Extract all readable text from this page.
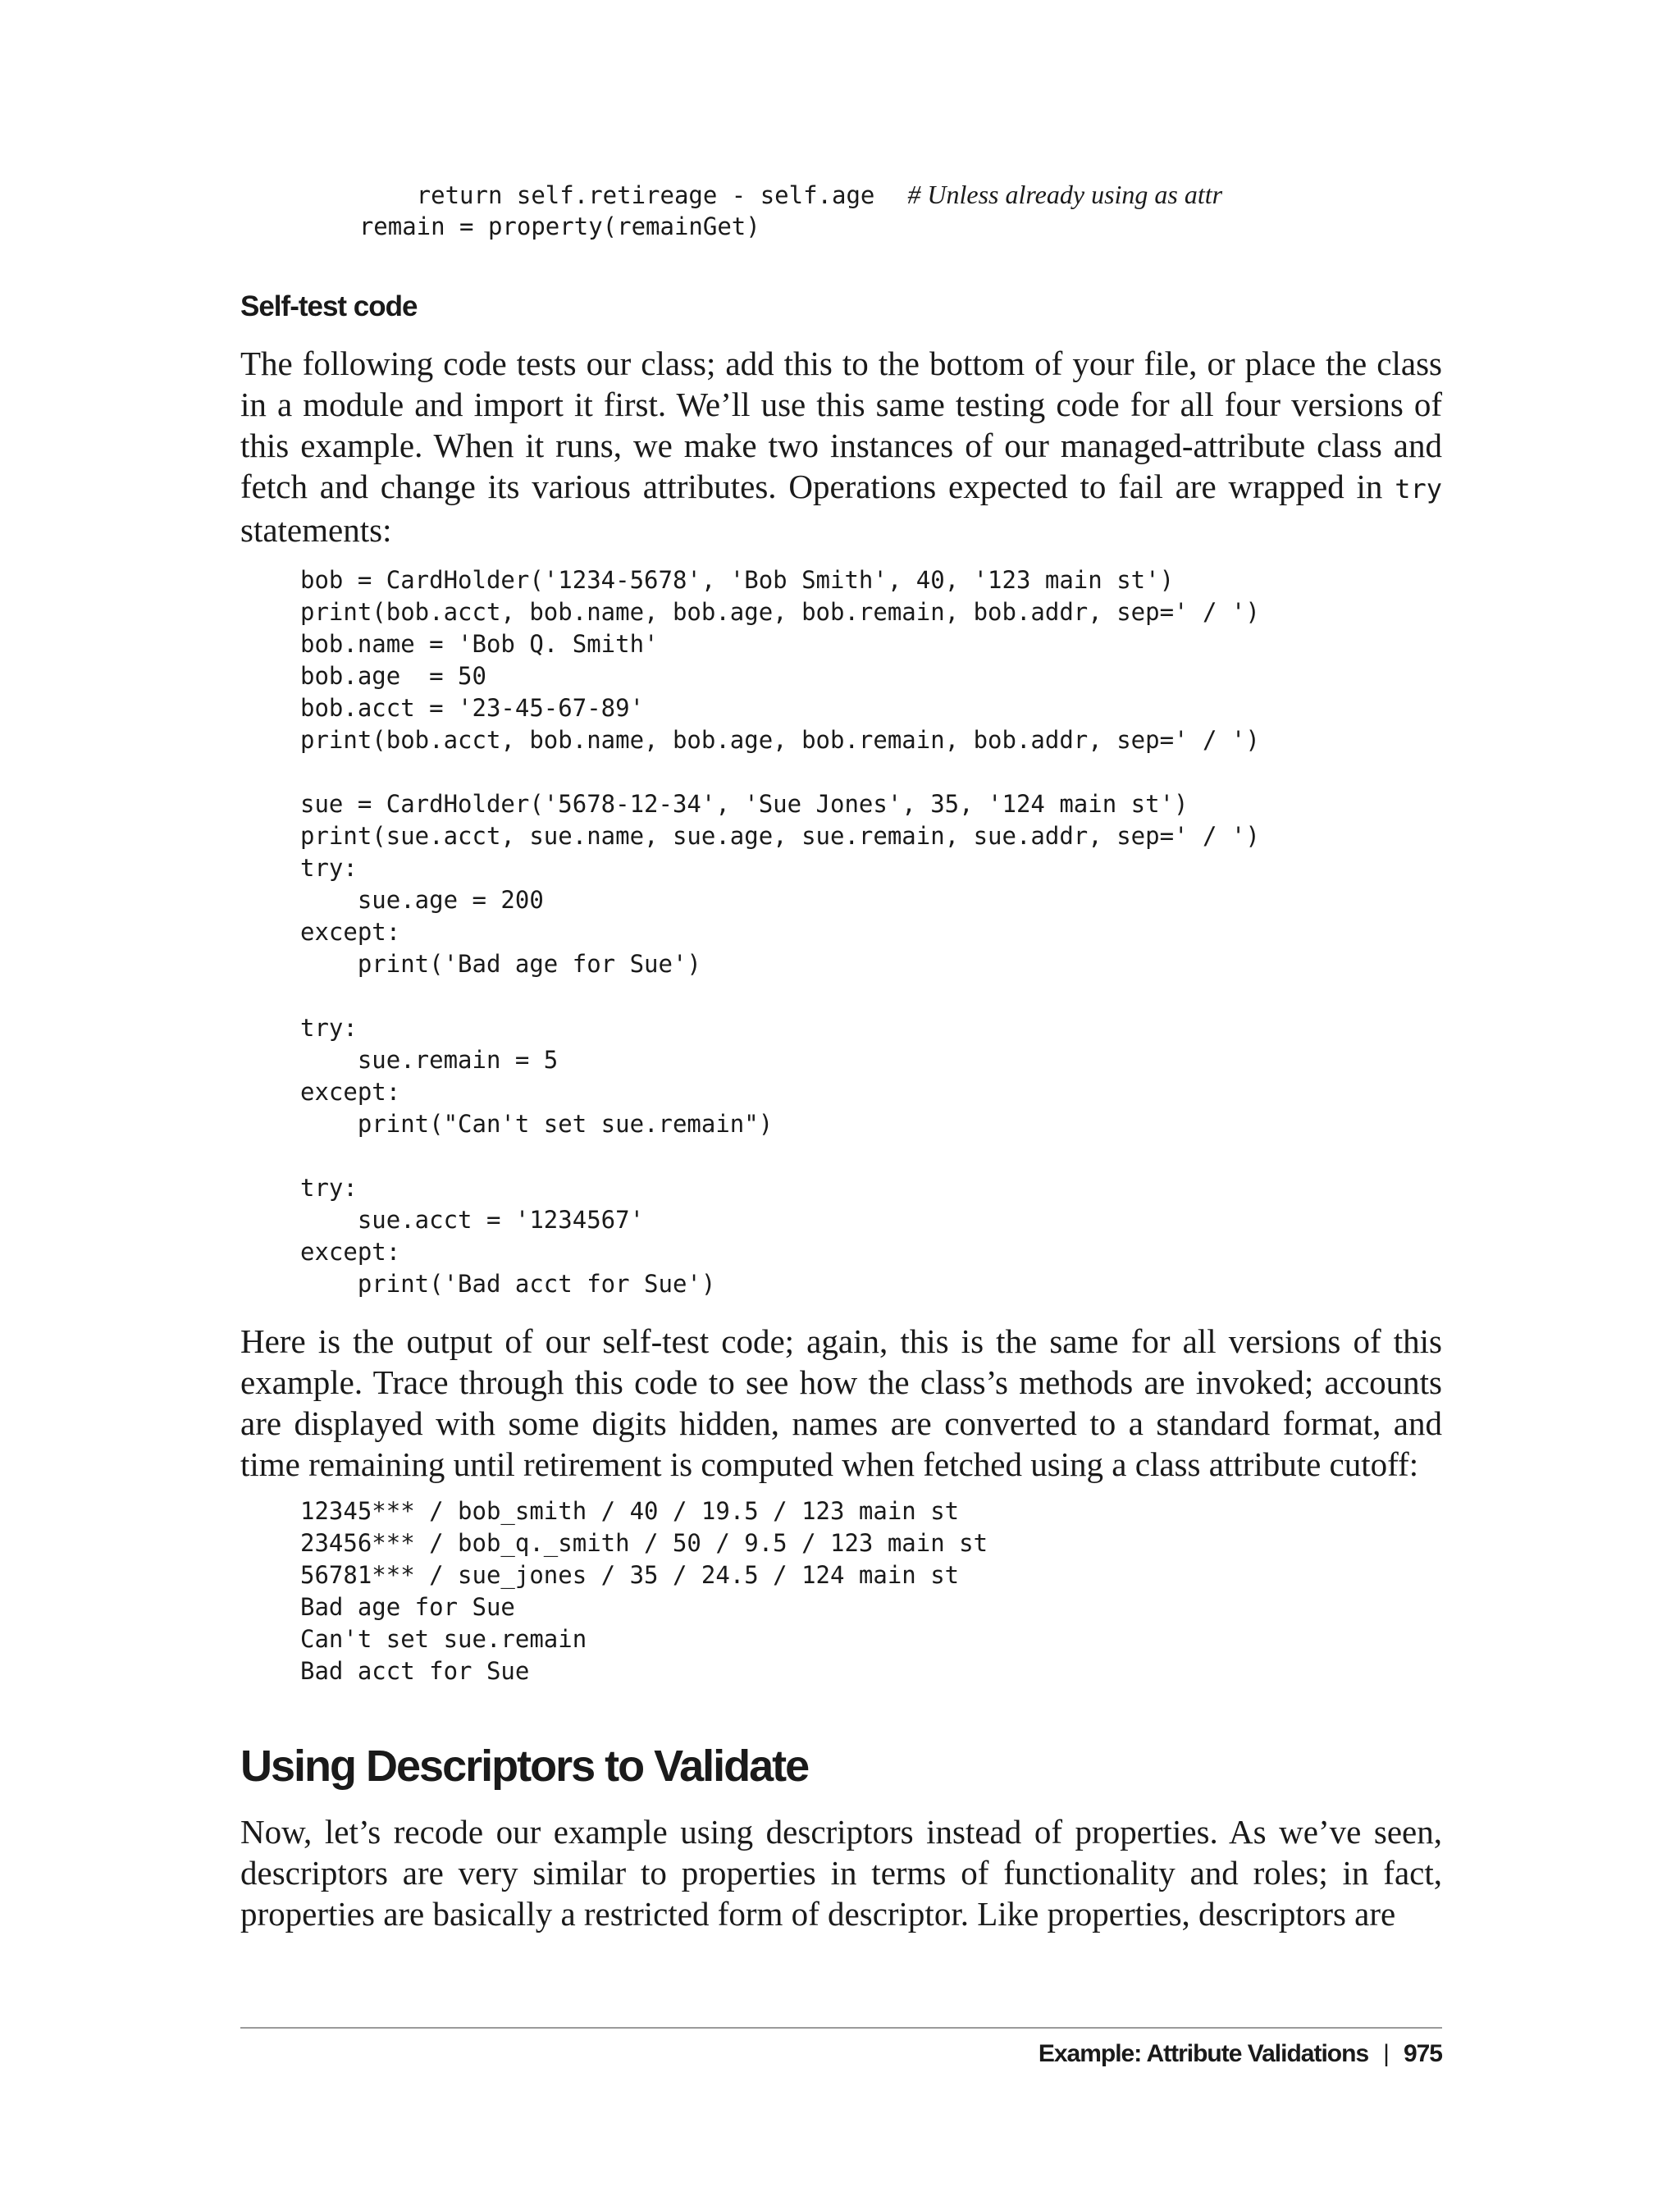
return self.retireage - self.age # Unless already using as attr
remain = property(remainGet)
Self-test code

The following code tests our class; add this to the bottom of your file, or place the class in a module and import it first. We’ll use this same testing code for all four versions of this example. When it runs, we make two instances of our managed-attribute class and fetch and change its various attributes. Operations expected to fail are wrapped in try statements:

bob = CardHolder('1234-5678', 'Bob Smith', 40, '123 main st')
print(bob.acct, bob.name, bob.age, bob.remain, bob.addr, sep=' / ')
bob.name = 'Bob Q. Smith'
bob.age  = 50
bob.acct = '23-45-67-89'
print(bob.acct, bob.name, bob.age, bob.remain, bob.addr, sep=' / ')
sue = CardHolder('5678-12-34', 'Sue Jones', 35, '124 main st')
print(sue.acct, sue.name, sue.age, sue.remain, sue.addr, sep=' / ')
try:
sue.age = 200
except:
print('Bad age for Sue')
try:
sue.remain = 5
except:
print("Can't set sue.remain")
try:
sue.acct = '1234567'
except:
print('Bad acct for Sue')

Here is the output of our self-test code; again, this is the same for all versions of this example. Trace through this code to see how the class’s methods are invoked; accounts are displayed with some digits hidden, names are converted to a standard format, and time remaining until retirement is computed when fetched using a class attribute cutoff:

12345*** / bob_smith / 40 / 19.5 / 123 main st
23456*** / bob_q._smith / 50 / 9.5 / 123 main st
56781*** / sue_jones / 35 / 24.5 / 124 main st
Bad age for Sue
Can't set sue.remain
Bad acct for Sue
Using Descriptors to Validate

Now, let’s recode our example using descriptors instead of properties. As we’ve seen, descriptors are very similar to properties in terms of functionality and roles; in fact, properties are basically a restricted form of descriptor. Like properties, descriptors are

Example: Attribute Validations | 975
